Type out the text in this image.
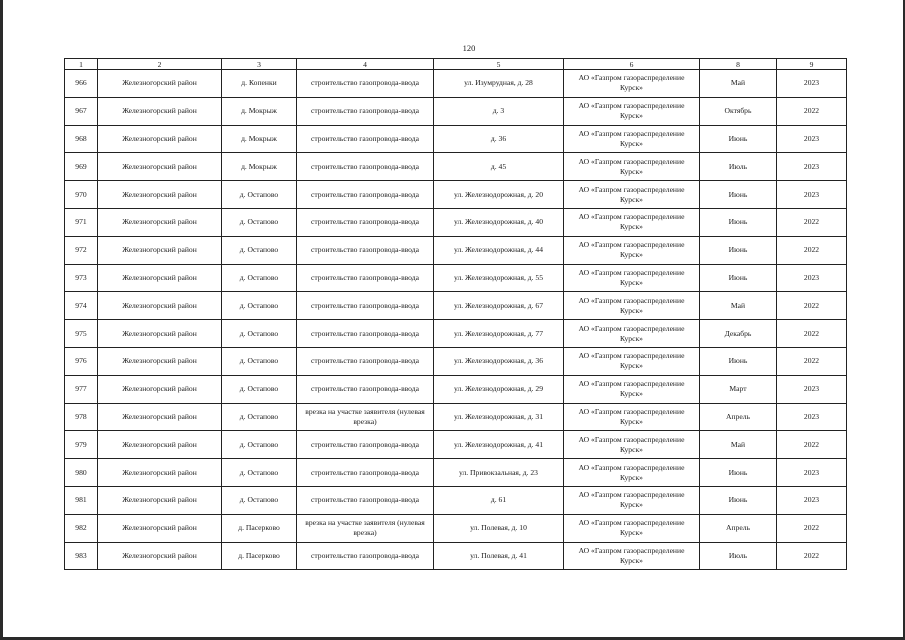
120
1	2	3	4	5	6	8	9
966	Железногорский район	д. Копенки	строительство газопровода-ввода	ул. Изумрудная, д. 28	АО «Газпром газораспределение Курск»	Май	2023
967	Железногорский район	д. Мокрыж	строительство газопровода-ввода	д. 3	АО «Газпром газораспределение Курск»	Октябрь	2022
968	Железногорский район	д. Мокрыж	строительство газопровода-ввода	д. 36	АО «Газпром газораспределение Курск»	Июнь	2023
969	Железногорский район	д. Мокрыж	строительство газопровода-ввода	д. 45	АО «Газпром газораспределение Курск»	Июль	2023
970	Железногорский район	д. Остапово	строительство газопровода-ввода	ул. Железнодорожная, д. 20	АО «Газпром газораспределение Курск»	Июнь	2023
971	Железногорский район	д. Остапово	строительство газопровода-ввода	ул. Железнодорожная, д. 40	АО «Газпром газораспределение Курск»	Июнь	2022
972	Железногорский район	д. Остапово	строительство газопровода-ввода	ул. Железнодорожная, д. 44	АО «Газпром газораспределение Курск»	Июнь	2022
973	Железногорский район	д. Остапово	строительство газопровода-ввода	ул. Железнодорожная, д. 55	АО «Газпром газораспределение Курск»	Июнь	2023
974	Железногорский район	д. Остапово	строительство газопровода-ввода	ул. Железнодорожная, д. 67	АО «Газпром газораспределение Курск»	Май	2022
975	Железногорский район	д. Остапово	строительство газопровода-ввода	ул. Железнодорожная, д. 77	АО «Газпром газораспределение Курск»	Декабрь	2022
976	Железногорский район	д. Остапово	строительство газопровода-ввода	ул. Железнодорожная, д. 36	АО «Газпром газораспределение Курск»	Июнь	2022
977	Железногорский район	д. Остапово	строительство газопровода-ввода	ул. Железнодорожная, д. 29	АО «Газпром газораспределение Курск»	Март	2023
978	Железногорский район	д. Остапово	врезка на участке заявителя (нулевая врезка)	ул. Железнодорожная, д. 31	АО «Газпром газораспределение Курск»	Апрель	2023
979	Железногорский район	д. Остапово	строительство газопровода-ввода	ул. Железнодорожная, д. 41	АО «Газпром газораспределение Курск»	Май	2022
980	Железногорский район	д. Остапово	строительство газопровода-ввода	ул. Привокзальная, д. 23	АО «Газпром газораспределение Курск»	Июнь	2023
981	Железногорский район	д. Остапово	строительство газопровода-ввода	д. 61	АО «Газпром газораспределение Курск»	Июнь	2023
982	Железногорский район	д. Пасерково	врезка на участке заявителя (нулевая врезка)	ул. Полевая, д. 10	АО «Газпром газораспределение Курск»	Апрель	2022
983	Железногорский район	д. Пасерково	строительство газопровода-ввода	ул. Полевая, д. 41	АО «Газпром газораспределение Курск»	Июль	2022
